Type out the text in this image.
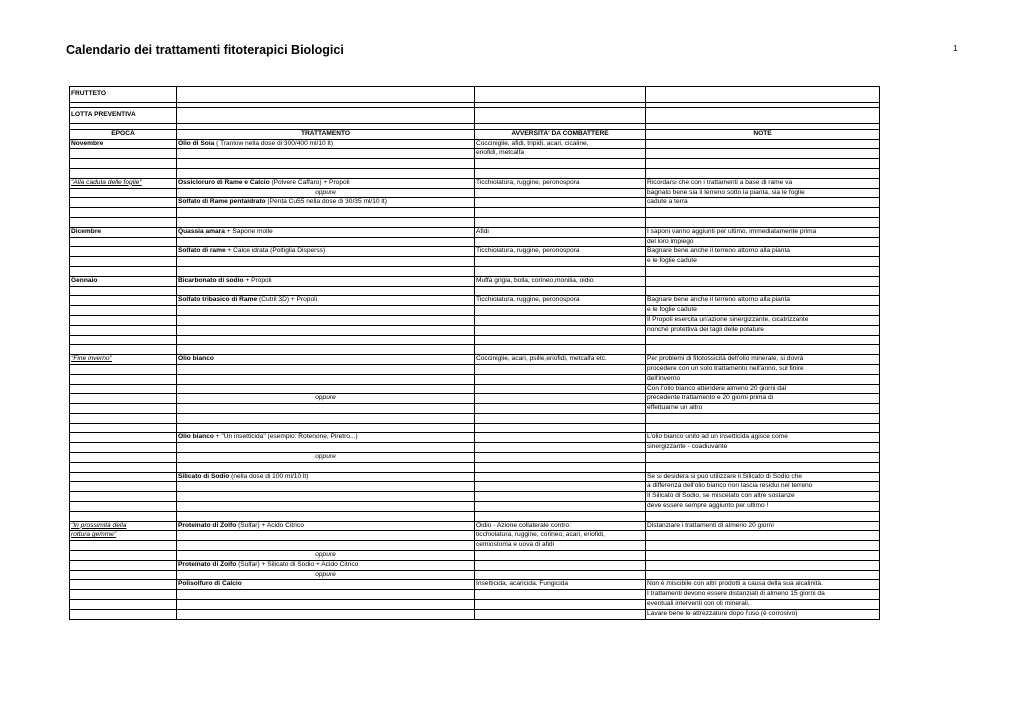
Calendario dei trattamenti fitoterapici Biologici	1
FRUTTETO			

LOTTA PREVENTIVA			

EPOCA	TRATTAMENTO	AVVERSITA' DA COMBATTERE	NOTE
Novembre	Olio di Soia ( Tranlow nella dose di 300/400 ml/10 lt)	Cocciniglie, afidi, tripidi, acari, cicaline,	
		eriofidi, metcalfa	

"Alla caduta delle foglie"	Ossicloruro di Rame e Calcio (Polvere Caffaro) + Propoli	Ticchiolatura, ruggine, peronospora	Ricordarsi che con i trattamenti a base di rame va
	oppure		bagnato bene sia il terreno sotto la pianta, sia le foglie
	Solfato di Rame pentaidrato (Penta Cu55 nella dose di 30/35 ml/10 lt)		cadute a terra

Dicembre	Quassia amara + Sapone molle	Afidi	I saponi vanno aggiunti per ultimo, immediatamente prima
			del loro impiego
	Solfato di rame + Calce idrata (Poltiglia Disperss)	Ticchiolatura, ruggine, peronospora	Bagnare bene anche il terreno attorno alla pianta
			e le foglie cadute

Gennaio	Bicarbonato di sodio + Propoli	Muffa grigia, bolla, corineo,monilia, oidio	

	Solfato tribasico di Rame (Cutril 3D) + Propoli	Ticchiolatura, ruggine, peronospora	Bagnare bene anche il terreno attorno alla pianta
			e le foglie cadute
			Il Propoli esercita un'azione sinergizzante, cicatrizzante
			nonché protettiva dei tagli delle potature

"Fine inverno"	Olio bianco	Cocciniglie, acari, psille,eriofidi, metcalfa etc.	Per problemi di fitotossicità dell'olio minerale, si dovrà
			procedere con un solo trattamento nell'anno, sul finire
			dell'inverno
			Con l'olio bianco attendere almeno 20 giorni dal
	oppure		precedente trattamento e 20 giorni prima di
			effettuarne un altro

	Olio bianco + "Un insetticida" (esempio: Rotenone, Piretro...)		L'olio bianco unito ad un insetticida agisce come
			sinergizzante - coadiuvante
	oppure		

	Silicato di Sodio (nella dose di 100 ml/10 lt)		Se si desidera si può utilizzare il Silicato di Sodio che
			a differenza dell'olio bianco non lascia residui nel terreno
			Il Silicato di Sodio, se miscelato con altre sostanze
			deve essere sempre aggiunto per ultimo !

"In prossimità della	Proteinato di Zolfo (Sulfar) + Acido Citrico	Oidio - Azione collaterale contro:	Distanziare i trattamenti di almeno 20 giorni
rottura gemme"		ticchiolatura, ruggine, corineo, acari, eriofidi,	
		cemiostoma e uova di afidi	
	oppure		
	Proteinato di Zolfo (Sulfar) + Silicato di Sodio + Acido Citrico		
	oppure		
	Polisolfuro di Calcio	Insetticida, acaricida. Fungicida	Non è miscibile con altri prodotti a causa della sua alcalinità.
			I trattamenti devono essere distanziati di almeno 15 giorni da
			eventuali interventi con oli minerali.
			Lavare bene le attrezzature dopo l'uso (è corrosivo)
